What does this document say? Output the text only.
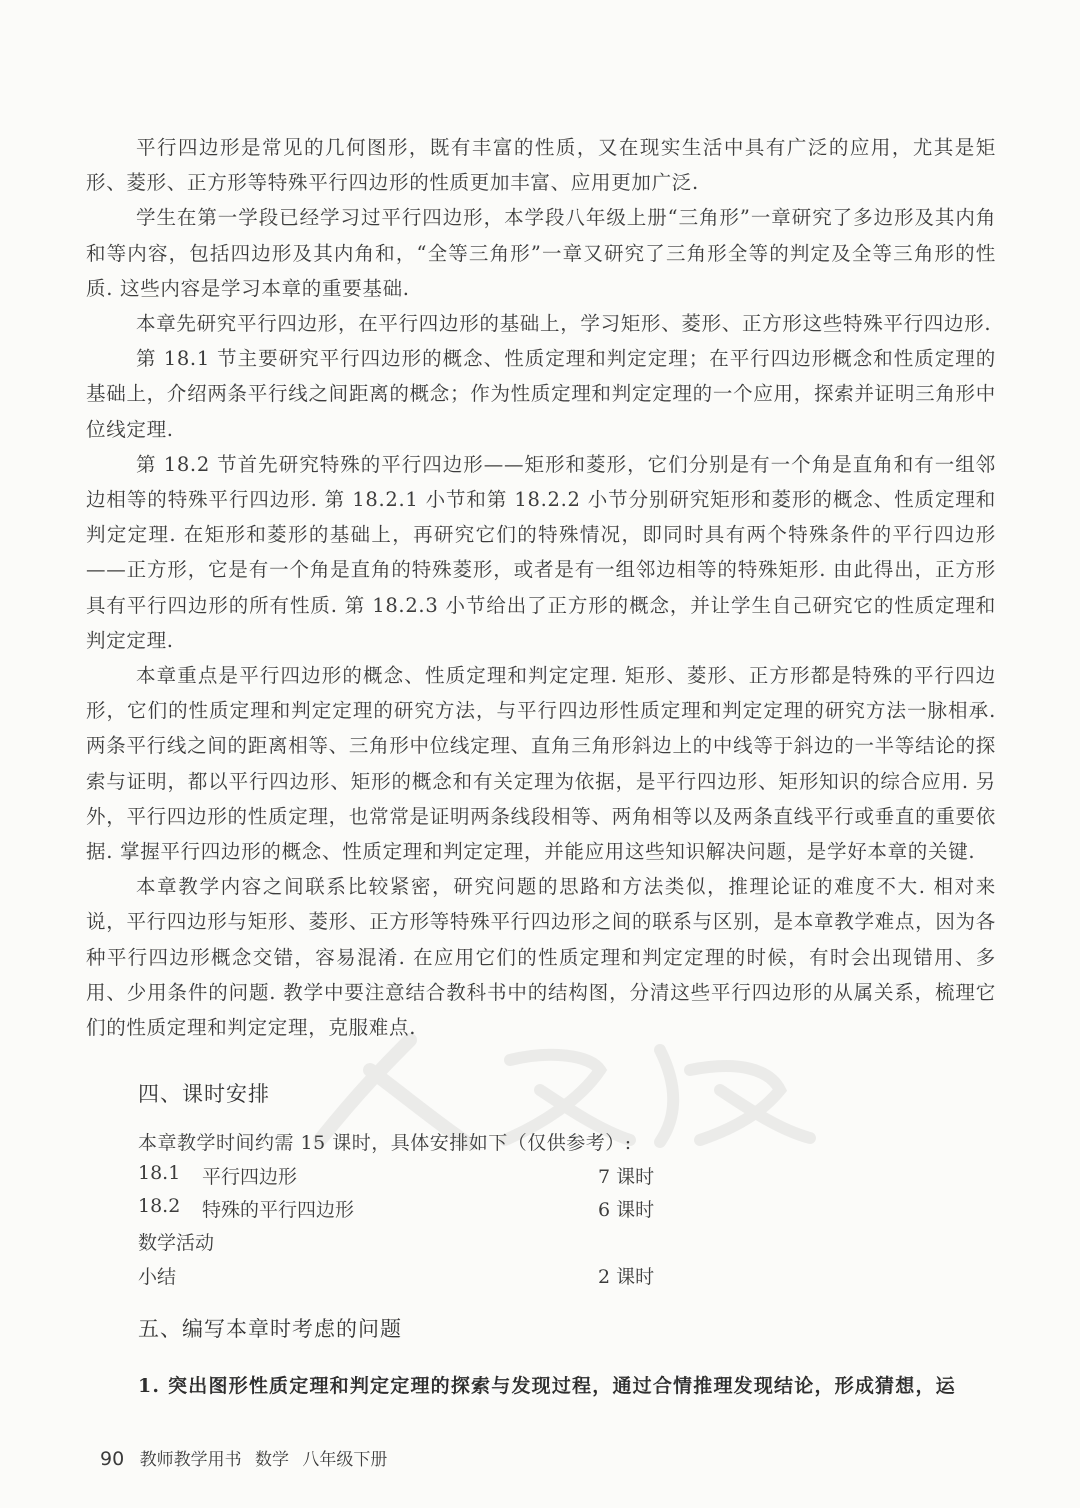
平行四边形是常见的几何图形，既有丰富的性质，又在现实生活中具有广泛的应用，尤其是矩形、菱形、正方形等特殊平行四边形的性质更加丰富、应用更加广泛.

学生在第一学段已经学习过平行四边形，本学段八年级上册“三角形”一章研究了多边形及其内角和等内容，包括四边形及其内角和，“全等三角形”一章又研究了三角形全等的判定及全等三角形的性质. 这些内容是学习本章的重要基础.

本章先研究平行四边形，在平行四边形的基础上，学习矩形、菱形、正方形这些特殊平行四边形.

第 18.1 节主要研究平行四边形的概念、性质定理和判定定理；在平行四边形概念和性质定理的基础上，介绍两条平行线之间距离的概念；作为性质定理和判定定理的一个应用，探索并证明三角形中位线定理.

第 18.2 节首先研究特殊的平行四边形——矩形和菱形，它们分别是有一个角是直角和有一组邻边相等的特殊平行四边形. 第 18.2.1 小节和第 18.2.2 小节分别研究矩形和菱形的概念、性质定理和判定定理. 在矩形和菱形的基础上，再研究它们的特殊情况，即同时具有两个特殊条件的平行四边形——正方形，它是有一个角是直角的特殊菱形，或者是有一组邻边相等的特殊矩形. 由此得出，正方形具有平行四边形的所有性质. 第 18.2.3 小节给出了正方形的概念，并让学生自己研究它的性质定理和判定定理.

本章重点是平行四边形的概念、性质定理和判定定理. 矩形、菱形、正方形都是特殊的平行四边形，它们的性质定理和判定定理的研究方法，与平行四边形性质定理和判定定理的研究方法一脉相承. 两条平行线之间的距离相等、三角形中位线定理、直角三角形斜边上的中线等于斜边的一半等结论的探索与证明，都以平行四边形、矩形的概念和有关定理为依据，是平行四边形、矩形知识的综合应用. 另外，平行四边形的性质定理，也常常是证明两条线段相等、两角相等以及两条直线平行或垂直的重要依据. 掌握平行四边形的概念、性质定理和判定定理，并能应用这些知识解决问题，是学好本章的关键.

本章教学内容之间联系比较紧密，研究问题的思路和方法类似，推理论证的难度不大. 相对来说，平行四边形与矩形、菱形、正方形等特殊平行四边形之间的联系与区别，是本章教学难点，因为各种平行四边形概念交错，容易混淆. 在应用它们的性质定理和判定定理的时候，有时会出现错用、多用、少用条件的问题. 教学中要注意结合教科书中的结构图，分清这些平行四边形的从属关系，梳理它们的性质定理和判定定理，克服难点.

四、课时安排
本章教学时间约需 15 课时，具体安排如下（仅供参考）:
18.1 平行四边形	7 课时
18.2 特殊的平行四边形	6 课时
数学活动
小结	2 课时
五、编写本章时考虑的问题
1. 突出图形性质定理和判定定理的探索与发现过程，通过合情推理发现结论，形成猜想，运
90 教师教学用书 数学 八年级下册
